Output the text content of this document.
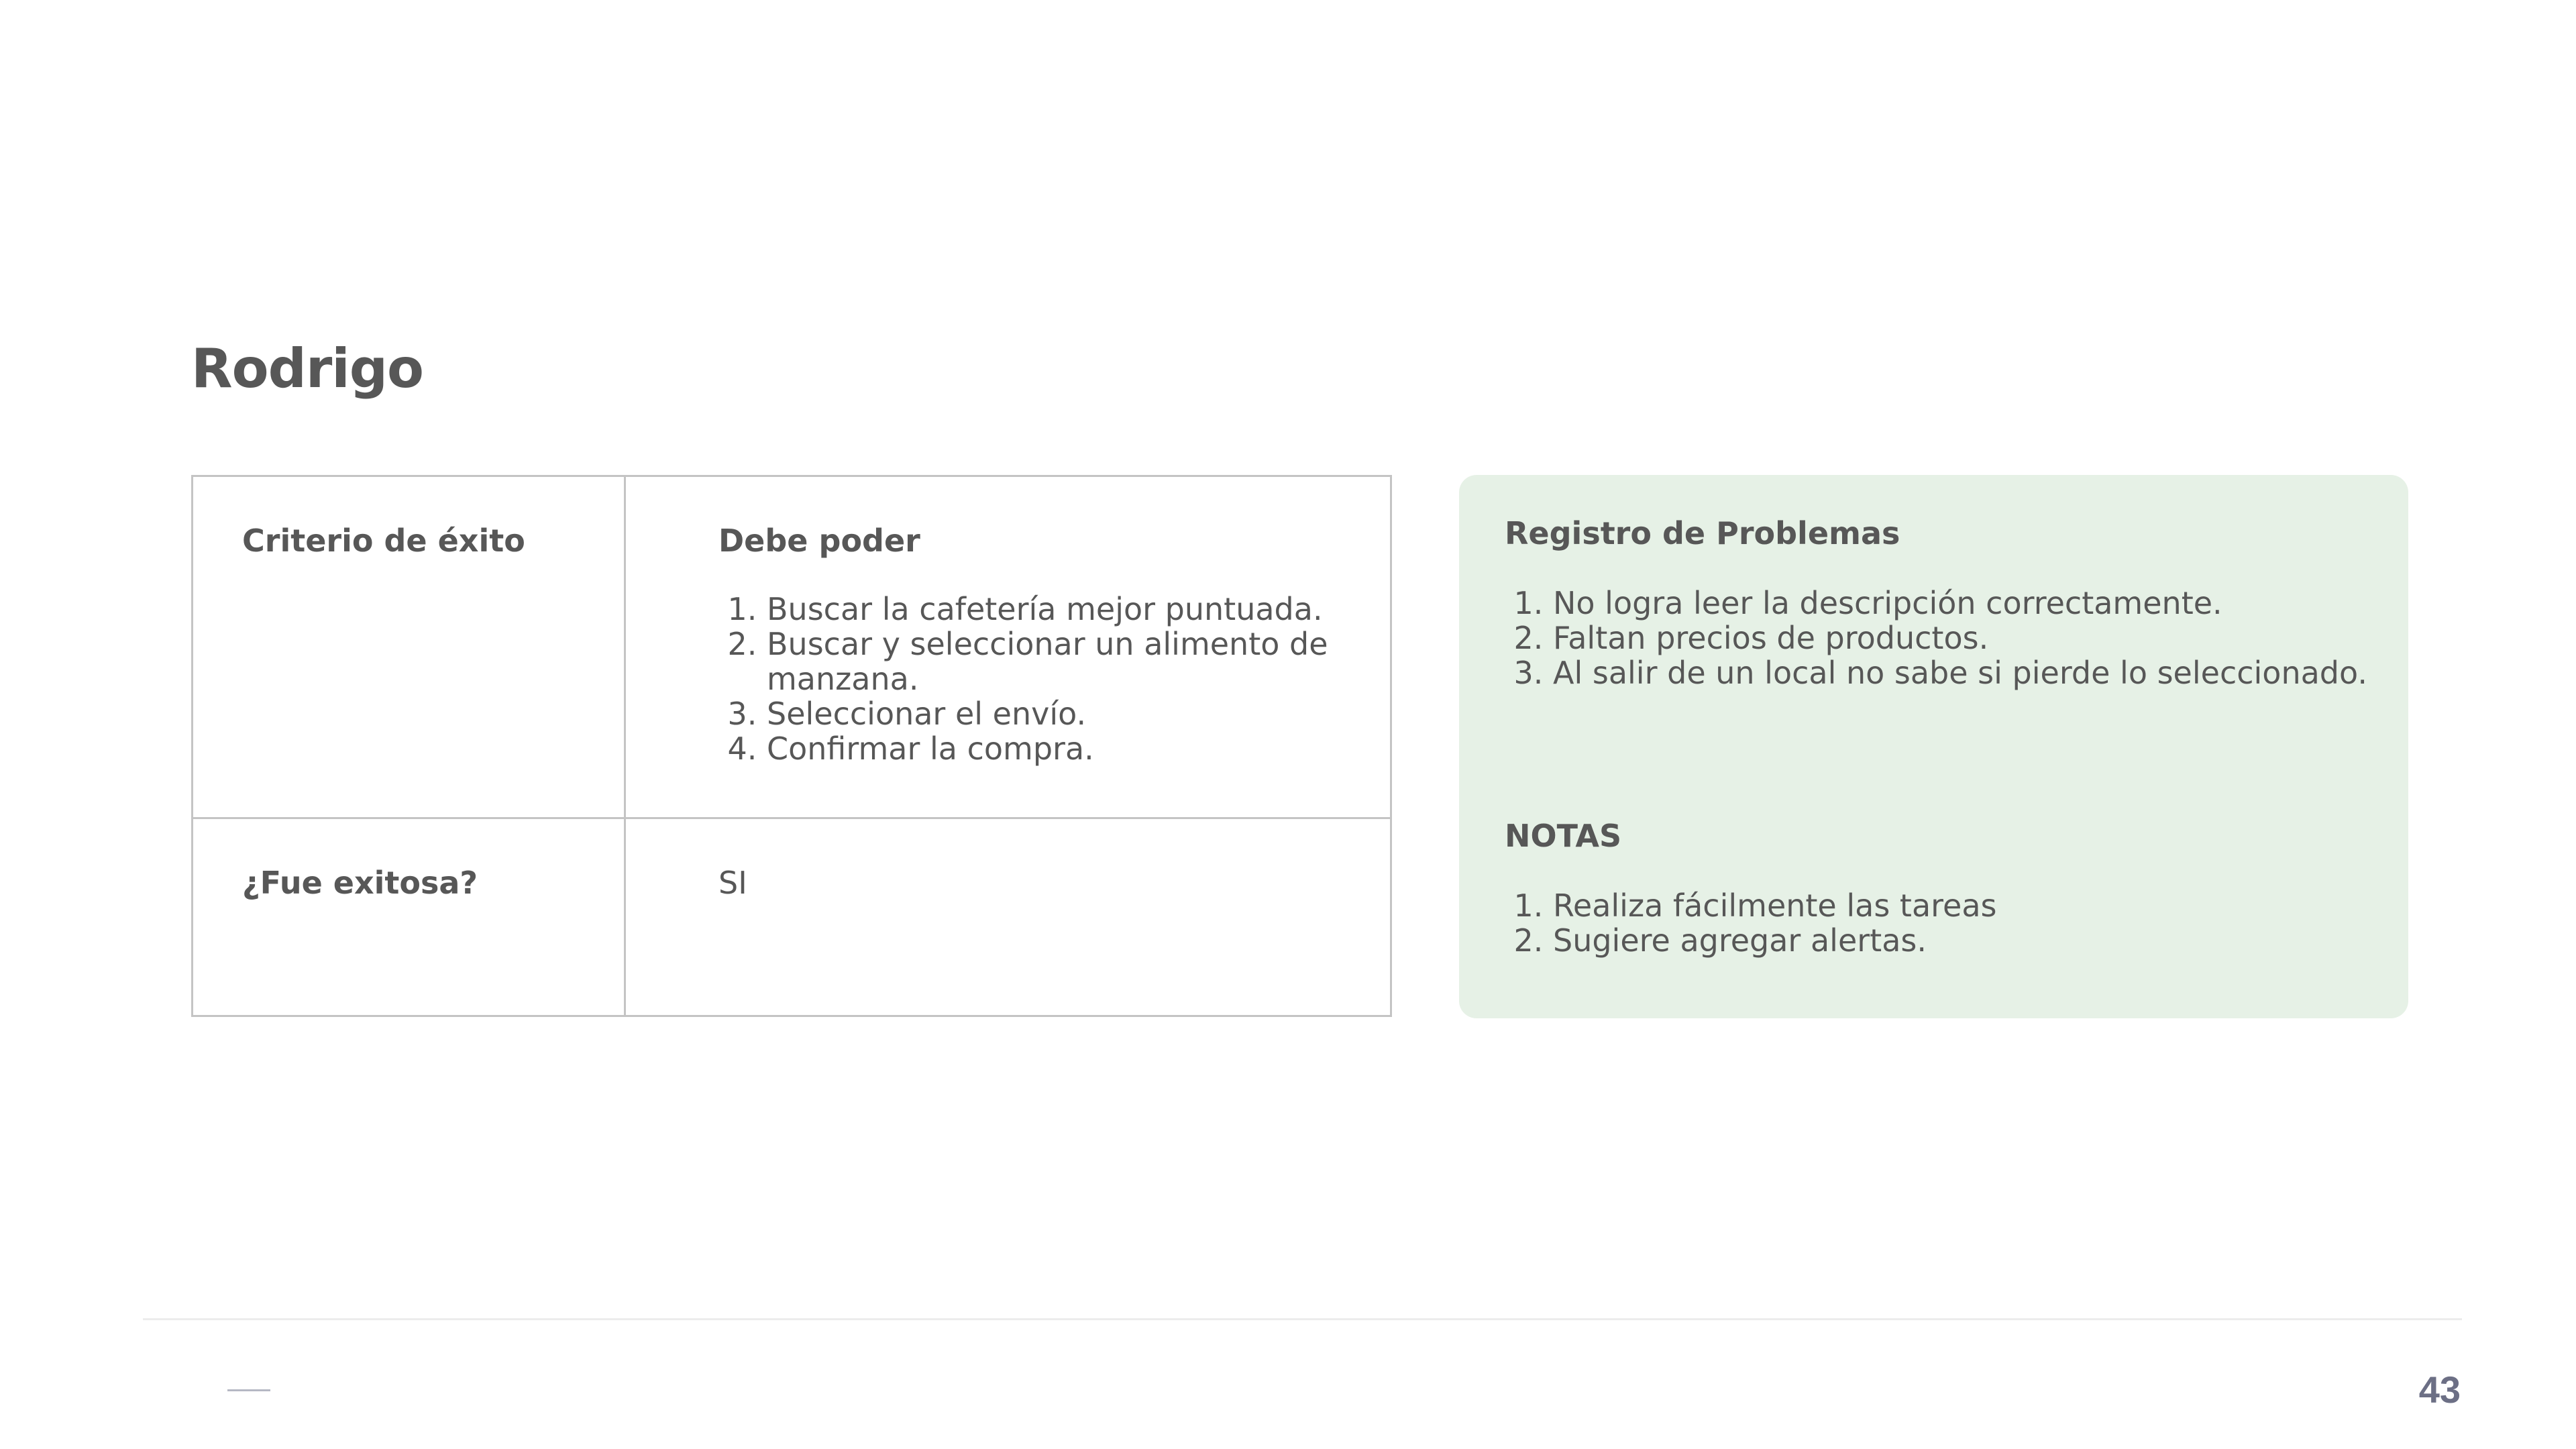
Rodrigo
Criterio de éxito	Debe poder
1. Buscar la cafetería mejor puntuada.
2. Buscar y seleccionar un alimento de manzana.
3. Seleccionar el envío.
4. Confirmar la compra.
¿Fue exitosa?	SI
Registro de Problemas
1. No logra leer la descripción correctamente.
2. Faltan precios de productos.
3. Al salir de un local no sabe si pierde lo seleccionado.
NOTAS
1. Realiza fácilmente las tareas
2. Sugiere agregar alertas.
43
